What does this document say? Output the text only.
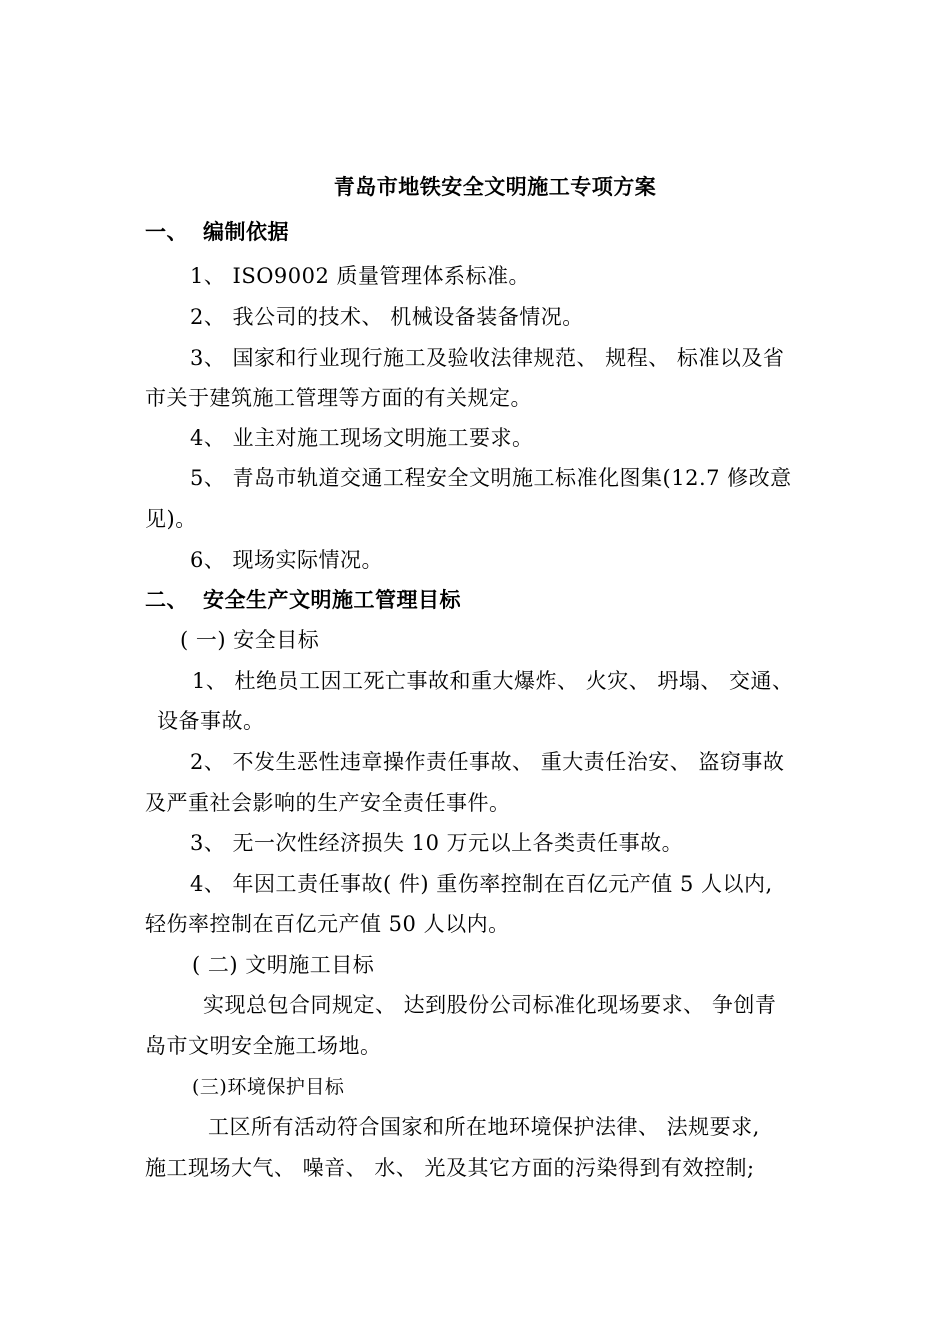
青岛市地铁安全文明施工专项方案
一、 编制依据
1、 ISO9002 质量管理体系标准。
2、 我公司的技术、 机械设备装备情况。
3、 国家和行业现行施工及验收法律规范、 规程、 标准以及省
市关于建筑施工管理等方面的有关规定。
4、 业主对施工现场文明施工要求。
5、 青岛市轨道交通工程安全文明施工标准化图集(12.7 修改意
见)。
6、 现场实际情况。
二、 安全生产文明施工管理目标
( 一) 安全目标
1、 杜绝员工因工死亡事故和重大爆炸、 火灾、 坍塌、 交通、
设备事故。
2、 不发生恶性违章操作责任事故、 重大责任治安、 盗窃事故
及严重社会影响的生产安全责任事件。
3、 无一次性经济损失 10 万元以上各类责任事故。
4、 年因工责任事故( 件) 重伤率控制在百亿元产值 5 人以内,
轻伤率控制在百亿元产值 50 人以内。
( 二) 文明施工目标
实现总包合同规定、 达到股份公司标准化现场要求、 争创青
岛市文明安全施工场地。
(三)环境保护目标
工区所有活动符合国家和所在地环境保护法律、 法规要求,
施工现场大气、 噪音、 水、 光及其它方面的污染得到有效控制;
